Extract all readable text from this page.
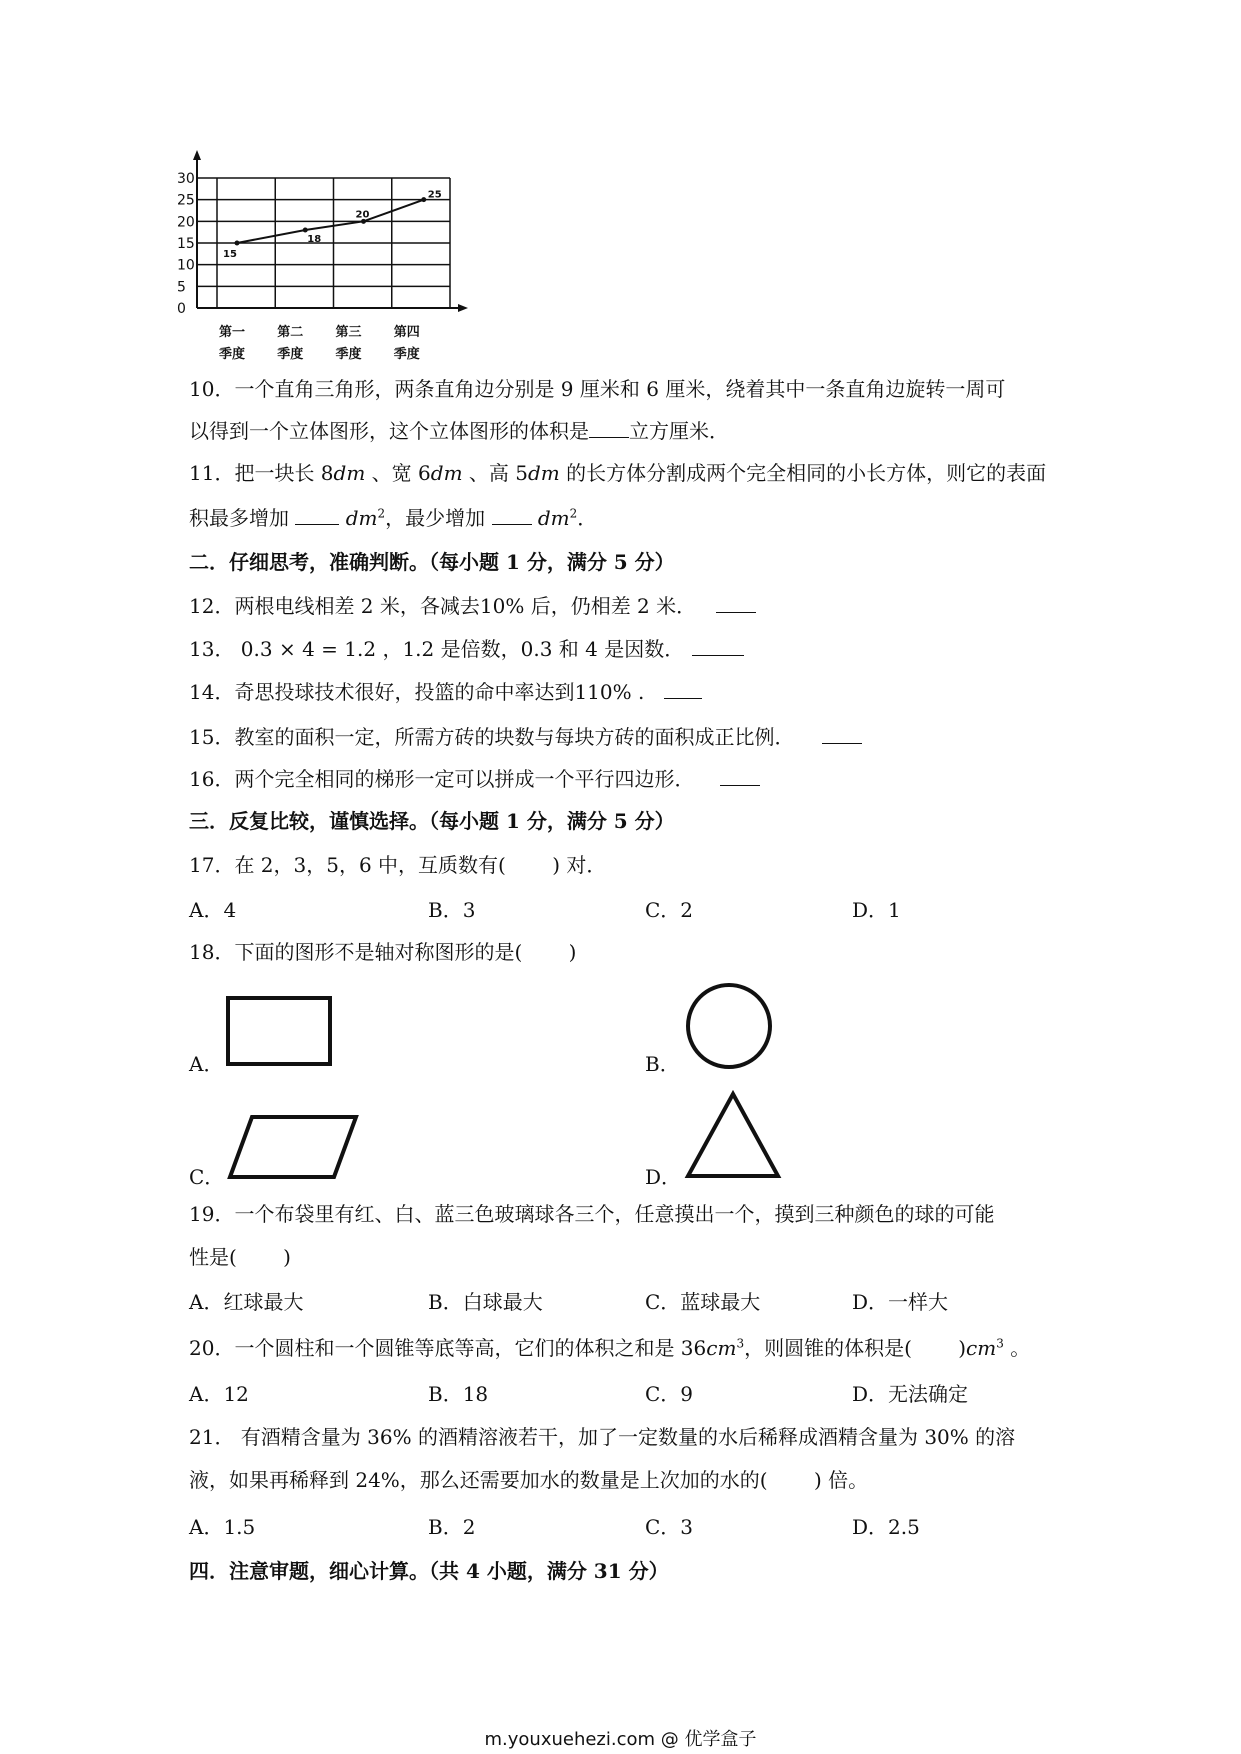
0
5
10
15
20
25
30
第一
季度
第二
季度
第三
季度
第四
季度
15
18
20
25
10．一个直角三角形，两条直角边分别是 9 厘米和 6 厘米，绕着其中一条直角边旋转一周可
以得到一个立体图形，这个立体图形的体积是 立方厘米．
11．把一块长 8dm 、宽 6dm 、高 5dm 的长方体分割成两个完全相同的小长方体，则它的表面
积最多增加	$dm^2$，最少增加  $dm^2$．
二．仔细思考，准确判断。（每小题 1 分，满分 5 分）
12．两根电线相差 2 米，各减去10% 后，仍相差 2 米．
13． 0.3 × 4 = 1.2 ，1.2 是倍数，0.3 和 4 是因数．
14．奇思投球技术很好，投篮的命中率达到110% .
15．教室的面积一定，所需方砖的块数与每块方砖的面积成正比例．
16．两个完全相同的梯形一定可以拼成一个平行四边形．
三．反复比较，谨慎选择。（每小题 1 分，满分 5 分）
17．在 2，3，5，6 中，互质数有(　　 ) 对．
A．4	B．3	C．2	D．1
18．下面的图形不是轴对称图形的是(　　 )
A．	B．
C．	D．
19．一个布袋里有红、白、蓝三色玻璃球各三个，任意摸出一个，摸到三种颜色的球的可能
性是(　　 )
A．红球最大	B．白球最大	C．蓝球最大	D．一样大
20．一个圆柱和一个圆锥等底等高，它们的体积之和是 $36cm^3$，则圆锥的体积是(　　 )$cm^3$ 。
A．12	B．18	C．9	D．无法确定
21． 有酒精含量为 36% 的酒精溶液若干，加了一定数量的水后稀释成酒精含量为 30% 的溶
液，如果再稀释到 24%，那么还需要加水的数量是上次加的水的(　　 ) 倍。
A．1.5	B．2	C．3	D．2.5
四．注意审题，细心计算。（共 4 小题，满分 31 分）
m.youxuehezi.com @ 优学盒子
